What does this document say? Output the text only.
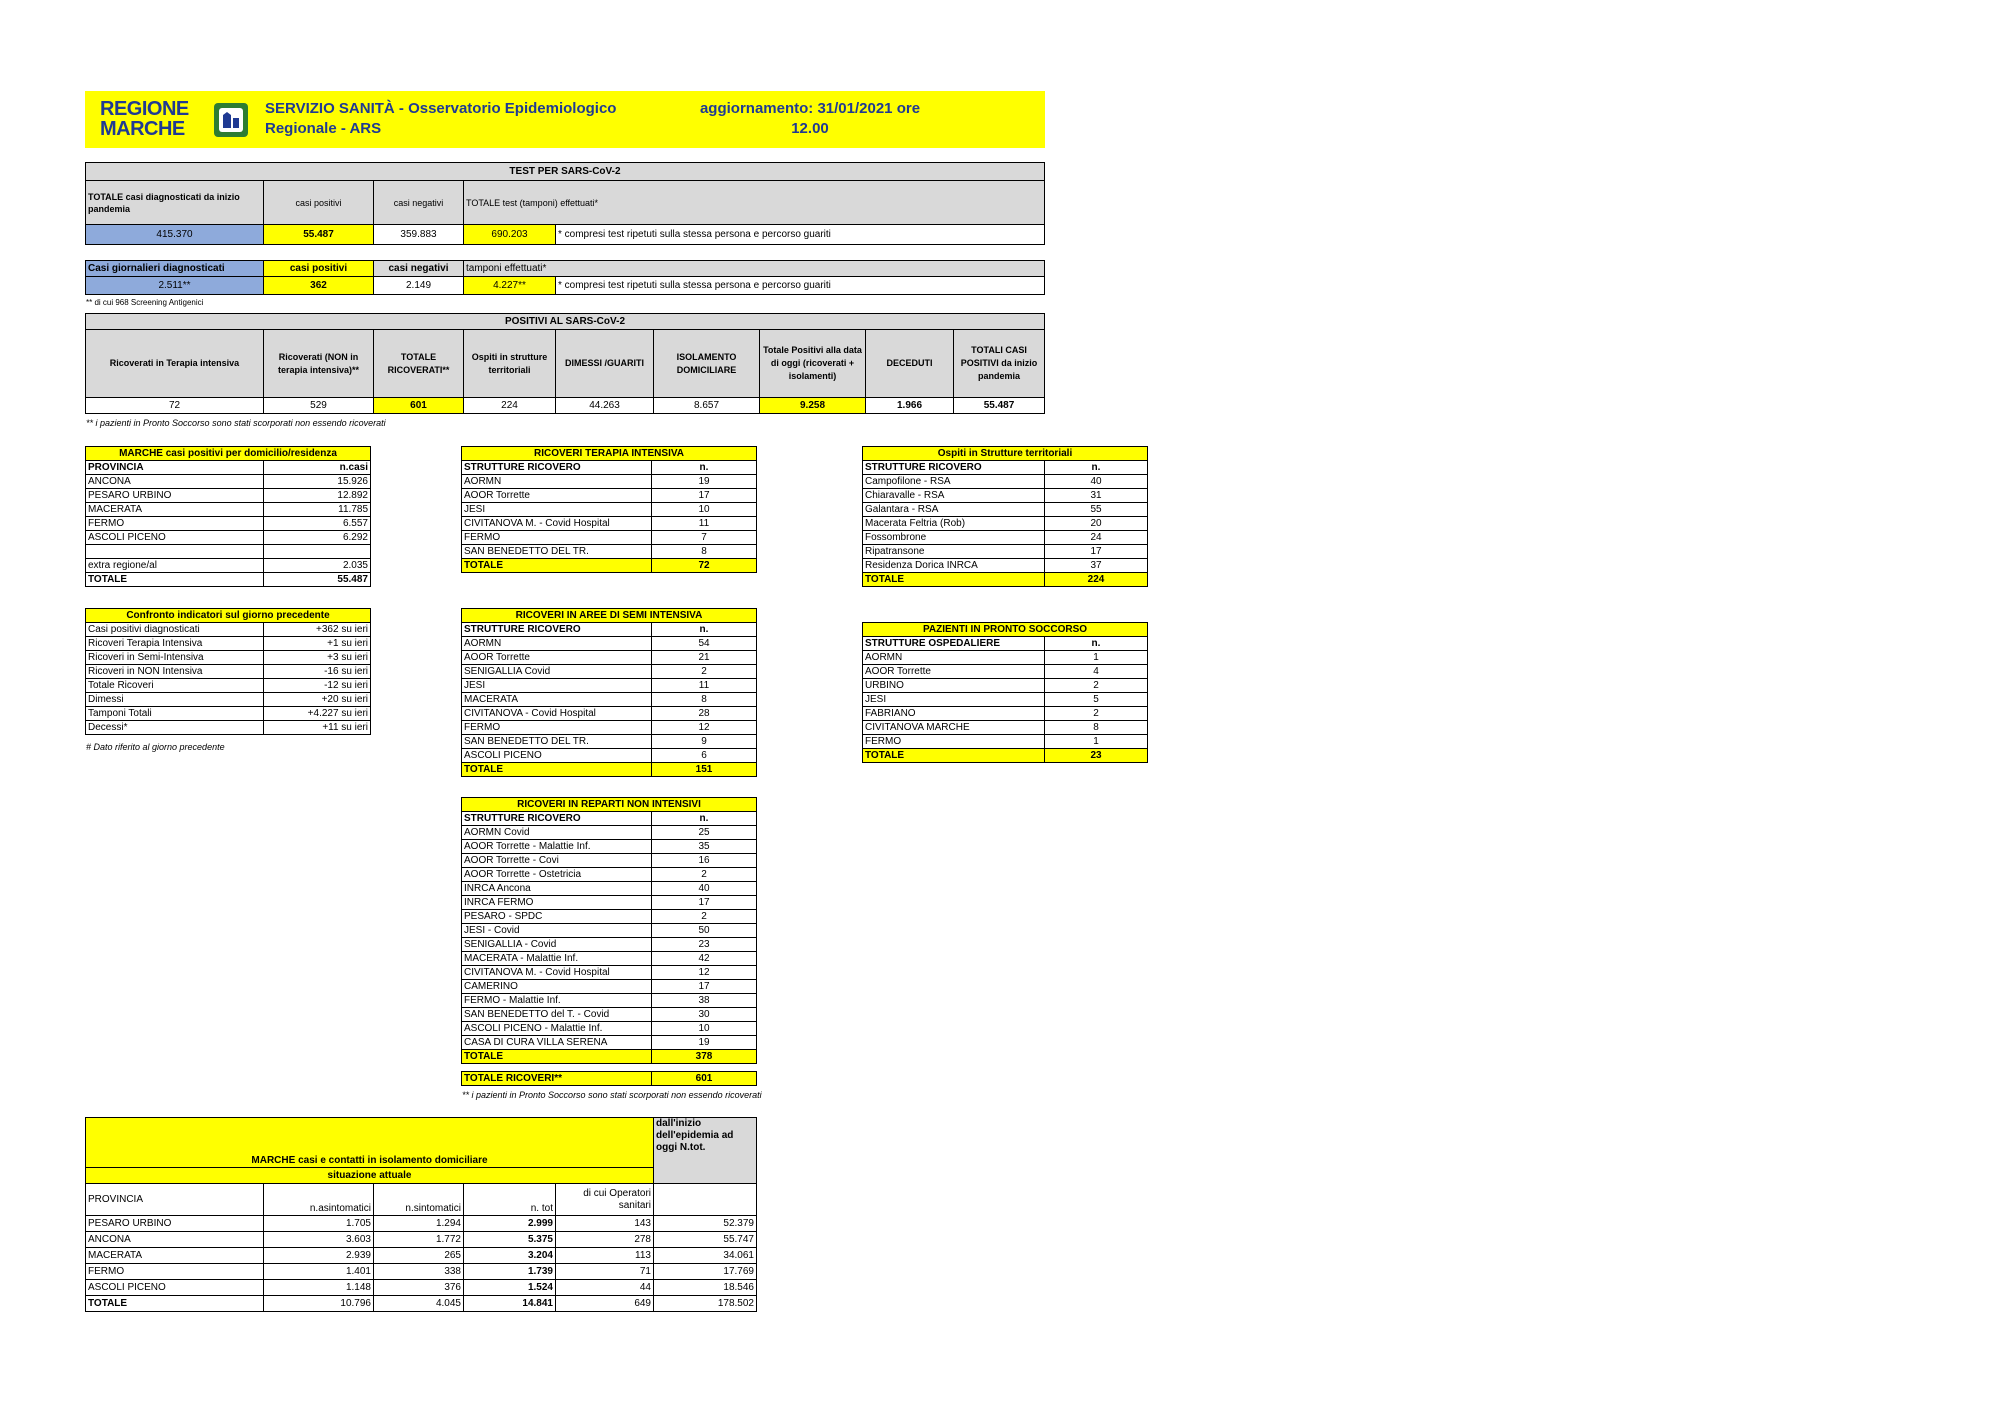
REGIONE
MARCHE
SERVIZIO SANITÀ - Osservatorio Epidemiologico
Regionale - ARS
aggiornamento: 31/01/2021 ore
12.00
TEST PER SARS-CoV-2				
TOTALE casi diagnosticati da inizio pandemia	casi positivi	casi negativi	TOTALE test (tamponi) effettuati*	
415.370	55.487	359.883	690.203	* compresi test ripetuti sulla stessa persona e percorso guariti
Casi giornalieri diagnosticati	casi positivi	casi negativi	tamponi effettuati*	
2.511**	362	2.149	4.227**	* compresi test ripetuti sulla stessa persona e percorso guariti
** di cui 968 Screening Antigenici
POSITIVI AL SARS-CoV-2								
Ricoverati in Terapia intensiva	Ricoverati (NON in terapia intensiva)**	TOTALE RICOVERATI**	Ospiti in strutture territoriali	DIMESSI /GUARITI	ISOLAMENTO DOMICILIARE	Totale Positivi alla data di oggi (ricoverati + isolamenti)	DECEDUTI	TOTALI CASI POSITIVI da inizio pandemia
72	529	601	224	44.263	8.657	9.258	1.966	55.487
** i pazienti in Pronto Soccorso sono stati scorporati non essendo ricoverati
MARCHE casi positivi per domicilio/residenza	
PROVINCIA	n.casi
ANCONA	15.926
PESARO URBINO	12.892
MACERATA	11.785
FERMO	6.557
ASCOLI PICENO	6.292

extra regione/al	2.035
TOTALE	55.487
Confronto indicatori sul giorno precedente	
Casi positivi diagnosticati	+362 su ieri
Ricoveri Terapia Intensiva	+1 su ieri
Ricoveri in Semi-Intensiva	+3 su ieri
Ricoveri in NON Intensiva	-16 su ieri
Totale Ricoveri	-12 su ieri
Dimessi	+20 su ieri
Tamponi Totali	+4.227 su ieri
Decessi*	+11 su ieri
# Dato riferito al giorno precedente
RICOVERI TERAPIA INTENSIVA	
STRUTTURE RICOVERO	n.
AORMN	19
AOOR Torrette	17
JESI	10
CIVITANOVA M. - Covid Hospital	11
FERMO	7
SAN BENEDETTO DEL TR.	8
TOTALE	72
RICOVERI IN AREE DI SEMI INTENSIVA	
STRUTTURE RICOVERO	n.
AORMN	54
AOOR Torrette	21
SENIGALLIA Covid	2
JESI	11
MACERATA	8
CIVITANOVA - Covid Hospital	28
FERMO	12
SAN BENEDETTO DEL TR.	9
ASCOLI PICENO	6
TOTALE	151
RICOVERI IN REPARTI NON INTENSIVI	
STRUTTURE RICOVERO	n.
AORMN Covid	25
AOOR Torrette - Malattie Inf.	35
AOOR Torrette - Covi	16
AOOR Torrette - Ostetricia	2
INRCA Ancona	40
INRCA FERMO	17
PESARO - SPDC	2
JESI - Covid	50
SENIGALLIA - Covid	23
MACERATA - Malattie Inf.	42
CIVITANOVA M. - Covid Hospital	12
CAMERINO	17
FERMO - Malattie Inf.	38
SAN BENEDETTO del T. - Covid	30
ASCOLI PICENO - Malattie Inf.	10
CASA DI CURA VILLA SERENA	19
TOTALE	378
TOTALE RICOVERI**	601
** i pazienti in Pronto Soccorso sono stati scorporati non essendo ricoverati
Ospiti in Strutture territoriali	
STRUTTURE RICOVERO	n.
Campofilone - RSA	40
Chiaravalle - RSA	31
Galantara - RSA	55
Macerata Feltria (Rob)	20
Fossombrone	24
Ripatransone	17
Residenza Dorica INRCA	37
TOTALE	224
PAZIENTI IN PRONTO SOCCORSO	
STRUTTURE OSPEDALIERE	n.
AORMN	1
AOOR Torrette	4
URBINO	2
JESI	5
FABRIANO	2
CIVITANOVA MARCHE	8
FERMO	1
TOTALE	23
MARCHE casi e contatti in isolamento domiciliare					dall'inizio dell'epidemia ad oggi N.tot.
situazione attuale					
PROVINCIA	n.asintomatici	n.sintomatici	n. tot	di cui Operatori sanitari	
PESARO URBINO	1.705	1.294	2.999	143	52.379
ANCONA	3.603	1.772	5.375	278	55.747
MACERATA	2.939	265	3.204	113	34.061
FERMO	1.401	338	1.739	71	17.769
ASCOLI PICENO	1.148	376	1.524	44	18.546
TOTALE	10.796	4.045	14.841	649	178.502
